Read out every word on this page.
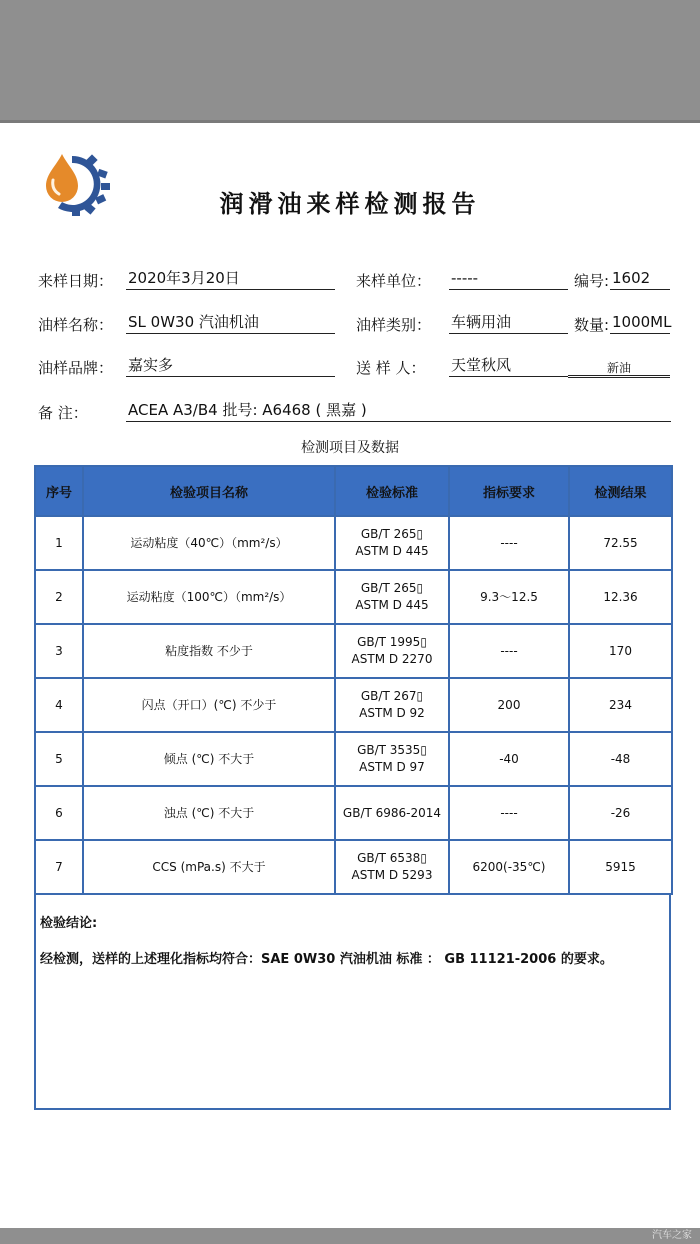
润滑油来样检测报告
来样日期： 2020年3月20日	来样单位： -----	编号: 1602
油样名称： SL 0W30 汽油机油	油样类别： 车辆用油	数量: 1000ML
油样品牌： 嘉实多	送 样 人： 天堂秋风	新油
备 注：	ACEA A3/B4 批号: A6468 ( 黑嘉 )
检测项目及数据
序号	检验项目名称	检验标准	指标要求	检测结果
1	运动粘度（40℃）（mm²/s）	GB/T 265▯
ASTM D 445	----	72.55
2	运动粘度（100℃）（mm²/s）	GB/T 265▯
ASTM D 445	9.3～12.5	12.36
3	粘度指数 不少于	GB/T 1995▯
ASTM D 2270	----	170
4	闪点（开口）(℃) 不少于	GB/T 267▯
ASTM D 92	200	234
5	倾点 (℃) 不大于	GB/T 3535▯
ASTM D 97	-40	-48
6	浊点 (℃) 不大于	GB/T 6986-2014	----	-26
7	CCS (mPa.s) 不大于	GB/T 6538▯
ASTM D 5293	6200(-35℃)	5915
检验结论:
经检测，送样的上述理化指标均符合：SAE 0W30 汽油机油 标准 ： GB 11121-2006 的要求。
汽车之家
